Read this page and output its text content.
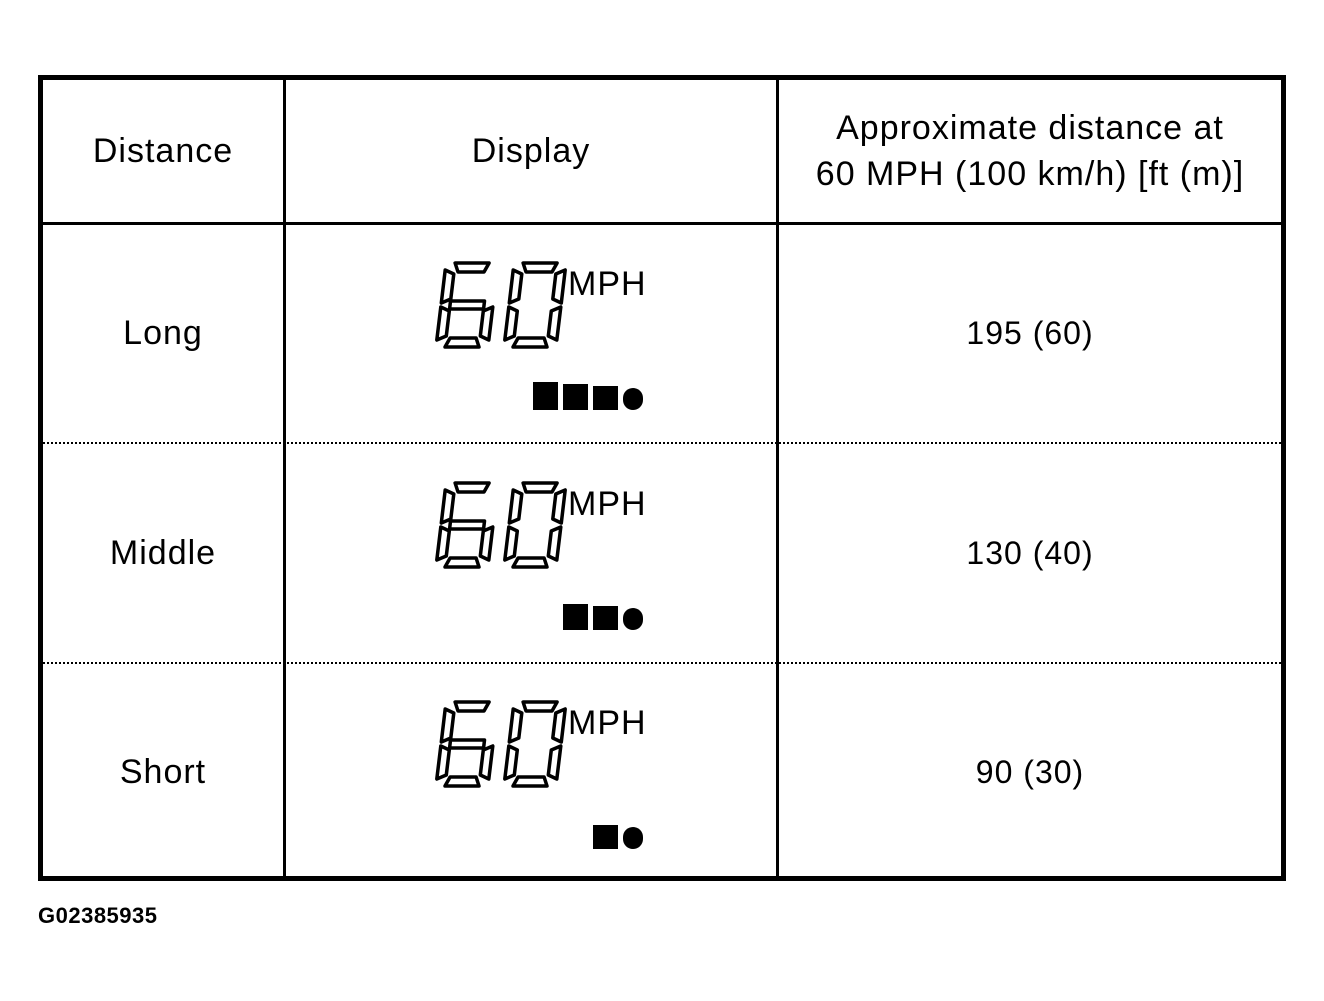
Distance	Display
Approximate distance at
60 MPH (100 km/h) [ft (m)]
Long
MPH
195 (60)
Middle
MPH
130 (40)
Short
MPH
90 (30)
G02385935
